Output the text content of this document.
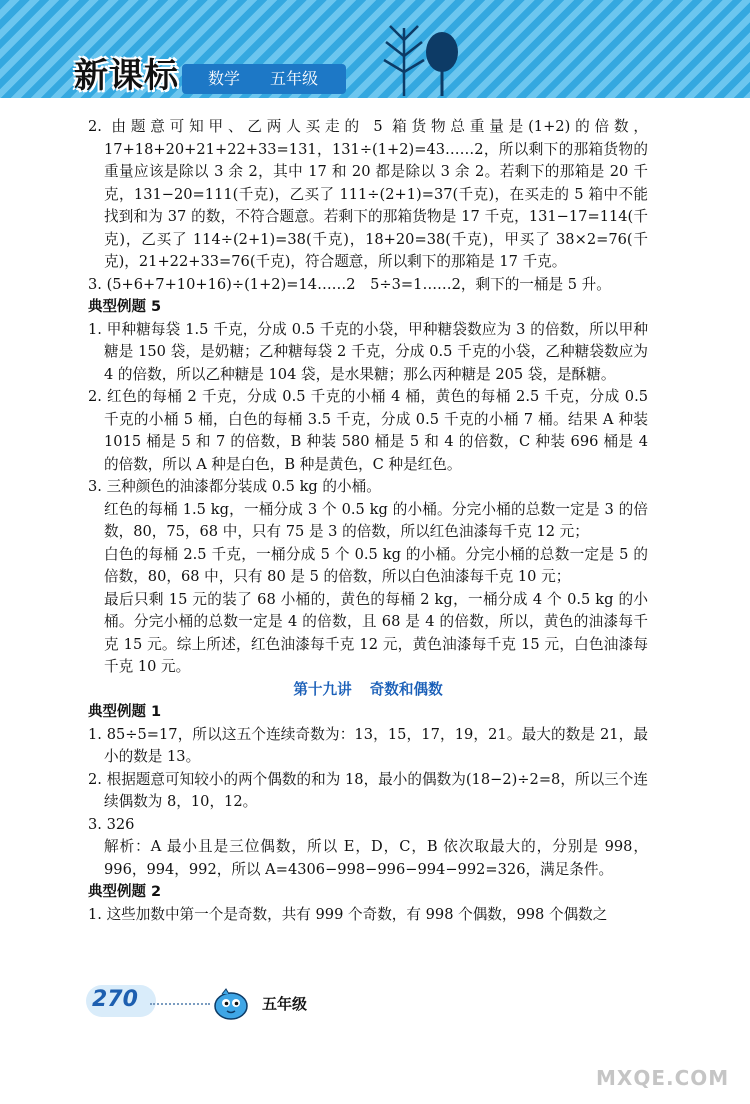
新课标 数学 五年级

2. 由题意可知甲、乙两人买走的 5 箱货物总重量是(1+2)的倍数，17+18+20+21+22+33=131，131÷(1+2)=43……2，所以剩下的那箱货物的重量应该是除以 3 余 2，其中 17 和 20 都是除以 3 余 2。若剩下的那箱是 20 千克，131−20=111(千克)，乙买了 111÷(2+1)=37(千克)，在买走的 5 箱中不能找到和为 37 的数，不符合题意。若剩下的那箱货物是 17 千克，131−17=114(千克)，乙买了 114÷(2+1)=38(千克)，18+20=38(千克)，甲买了 38×2=76(千克)，21+22+33=76(千克)，符合题意，所以剩下的那箱是 17 千克。

3. (5+6+7+10+16)÷(1+2)=14……2　5÷3=1……2，剩下的一桶是 5 升。

典型例题 5

1. 甲种糖每袋 1.5 千克，分成 0.5 千克的小袋，甲种糖袋数应为 3 的倍数，所以甲种糖是 150 袋，是奶糖；乙种糖每袋 2 千克，分成 0.5 千克的小袋，乙种糖袋数应为 4 的倍数，所以乙种糖是 104 袋，是水果糖；那么丙种糖是 205 袋，是酥糖。

2. 红色的每桶 2 千克，分成 0.5 千克的小桶 4 桶，黄色的每桶 2.5 千克，分成 0.5 千克的小桶 5 桶，白色的每桶 3.5 千克，分成 0.5 千克的小桶 7 桶。结果 A 种装 1015 桶是 5 和 7 的倍数，B 种装 580 桶是 5 和 4 的倍数，C 种装 696 桶是 4 的倍数，所以 A 种是白色，B 种是黄色，C 种是红色。

3. 三种颜色的油漆都分装成 0.5 kg 的小桶。

红色的每桶 1.5 kg，一桶分成 3 个 0.5 kg 的小桶。分完小桶的总数一定是 3 的倍数，80，75，68 中，只有 75 是 3 的倍数，所以红色油漆每千克 12 元；

白色的每桶 2.5 千克，一桶分成 5 个 0.5 kg 的小桶。分完小桶的总数一定是 5 的倍数，80，68 中，只有 80 是 5 的倍数，所以白色油漆每千克 10 元；

最后只剩 15 元的装了 68 小桶的，黄色的每桶 2 kg，一桶分成 4 个 0.5 kg 的小桶。分完小桶的总数一定是 4 的倍数，且 68 是 4 的倍数，所以，黄色的油漆每千克 15 元。综上所述，红色油漆每千克 12 元，黄色油漆每千克 15 元，白色油漆每千克 10 元。

第十九讲 奇数和偶数

典型例题 1

1. 85÷5=17，所以这五个连续奇数为：13，15，17，19，21。最大的数是 21，最小的数是 13。

2. 根据题意可知较小的两个偶数的和为 18，最小的偶数为(18−2)÷2=8，所以三个连续偶数为 8，10，12。

3. 326

解析：A 最小且是三位偶数，所以 E，D，C，B 依次取最大的，分别是 998，996，994，992，所以 A=4306−998−996−994−992=326，满足条件。

典型例题 2

1. 这些加数中第一个是奇数，共有 999 个奇数，有 998 个偶数，998 个偶数之

270	五年级
MXQE.COM
